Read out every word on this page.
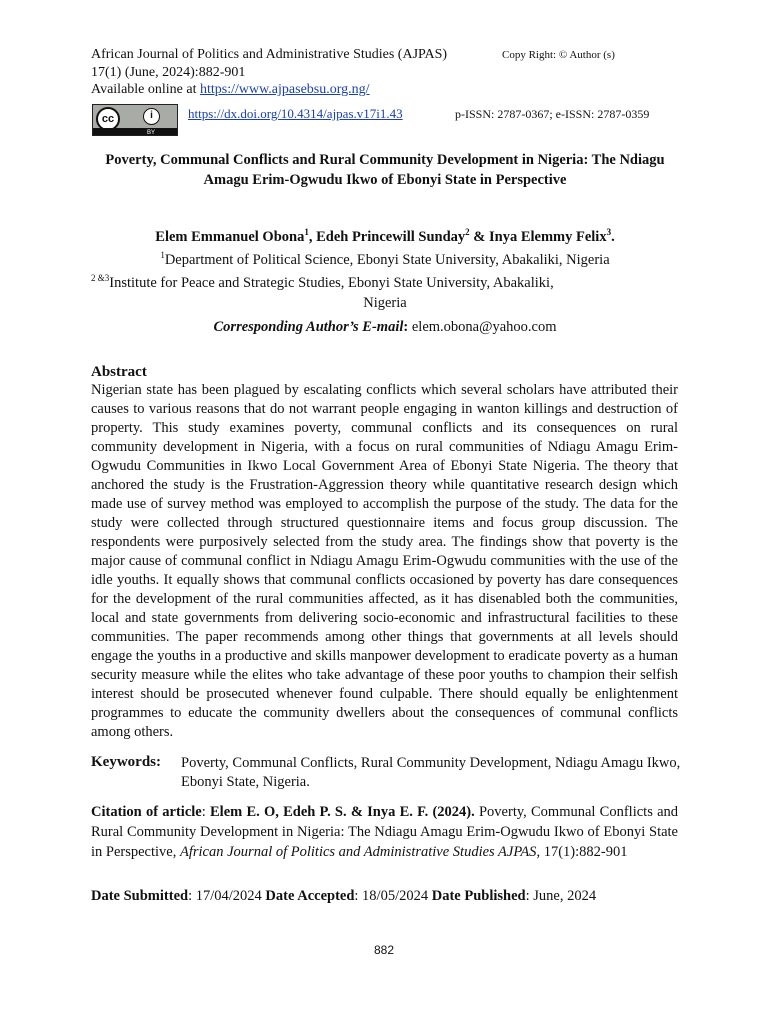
African Journal of Politics and Administrative Studies (AJPAS)	Copy Right: © Author (s)
17(1) (June, 2024):882-901
Available online at https://www.ajpasebsu.org.ng/
cc	i
BY
https://dx.doi.org/10.4314/ajpas.v17i1.43	p-ISSN: 2787-0367; e-ISSN: 2787-0359
Poverty, Communal Conflicts and Rural Community Development in Nigeria: The Ndiagu Amagu Erim-Ogwudu Ikwo of Ebonyi State in Perspective
Elem Emmanuel Obona$^1$, Edeh Princewill Sunday$^2$ & Inya Elemmy Felix$^3$.
$^1$Department of Political Science, Ebonyi State University, Abakaliki, Nigeria
$^{2 \&3}$Institute for Peace and Strategic Studies, Ebonyi State University, Abakaliki,
Nigeria
Corresponding Author’s E-mail: elem.obona@yahoo.com
Abstract
Nigerian state has been plagued by escalating conflicts which several scholars have attributed their causes to various reasons that do not warrant people engaging in wanton killings and destruction of property. This study examines poverty, communal conflicts and its consequences on rural community development in Nigeria, with a focus on rural communities of Ndiagu Amagu Erim-Ogwudu Communities in Ikwo Local Government Area of Ebonyi State Nigeria. The theory that anchored the study is the Frustration-Aggression theory while quantitative research design which made use of survey method was employed to accomplish the purpose of the study. The data for the study were collected through structured questionnaire items and focus group discussion. The respondents were purposively selected from the study area. The findings show that poverty is the major cause of communal conflict in Ndiagu Amagu Erim-Ogwudu communities with the use of the idle youths. It equally shows that communal conflicts occasioned by poverty has dare consequences for the development of the rural communities affected, as it has disenabled both the communities, local and state governments from delivering socio-economic and infrastructural facilities to these communities. The paper recommends among other things that governments at all levels should engage the youths in a productive and skills manpower development to eradicate poverty as a human security measure while the elites who take advantage of these poor youths to champion their selfish interest should be prosecuted whenever found culpable. There should equally be enlightenment programmes to educate the community dwellers about the consequences of communal conflicts among others.
Keywords: Poverty, Communal Conflicts, Rural Community Development, Ndiagu Amagu Ikwo, Ebonyi State, Nigeria.
Citation of article: Elem E. O, Edeh P. S. & Inya E. F. (2024). Poverty, Communal Conflicts and Rural Community Development in Nigeria: The Ndiagu Amagu Erim-Ogwudu Ikwo of Ebonyi State in Perspective, African Journal of Politics and Administrative Studies AJPAS, 17(1):882-901
Date Submitted: 17/04/2024 Date Accepted: 18/05/2024 Date Published: June, 2024
882
